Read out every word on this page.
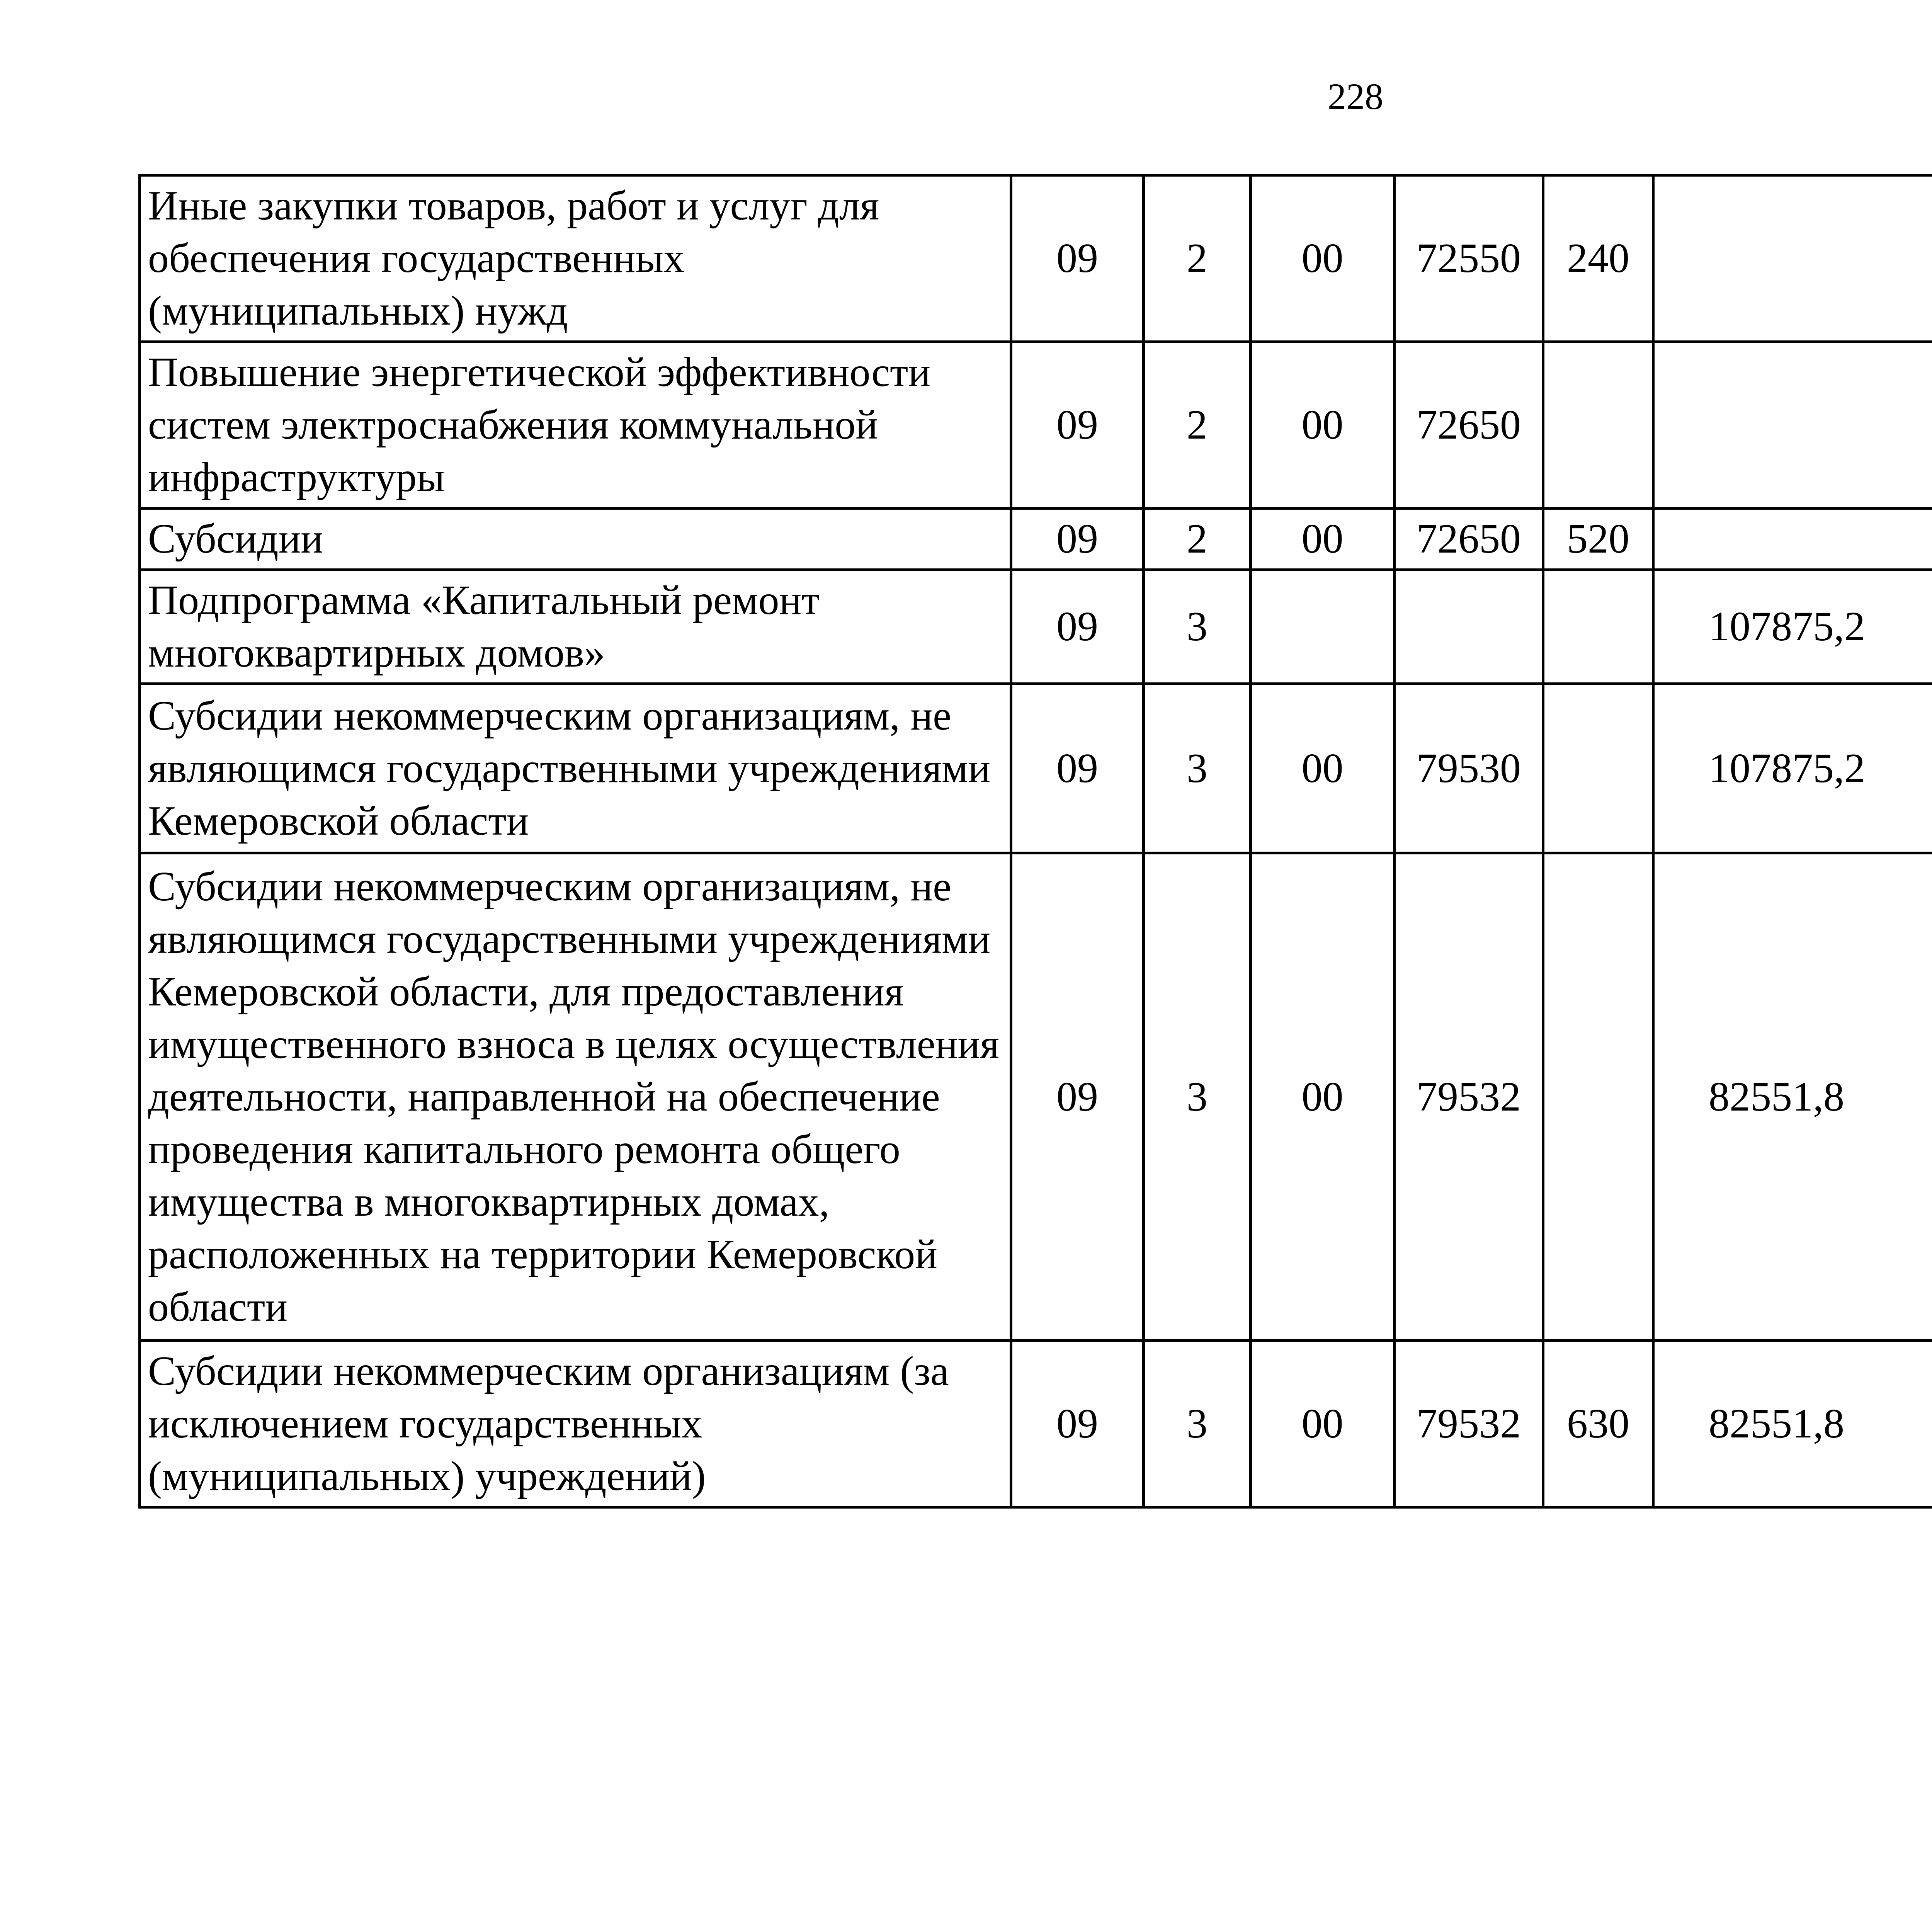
228
Иные закупки товаров, работ и услуг для обеспечения государственных (муниципальных) нужд	09	2	00	72550	240			
Повышение энергетической эффективности систем электроснабжения коммунальной инфраструктуры	09	2	00	72650				
Субсидии	09	2	00	72650	520			
Подпрограмма «Капитальный ремонт многоквартирных домов»	09	3				107875,2		
Субсидии некоммерческим организациям, не являющимся государственными учреждениями Кемеровской области	09	3	00	79530		107875,2		
Субсидии некоммерческим организациям, не являющимся государственными учреждениями Кемеровской области, для предоставления имущественного взноса в целях осуществления деятельности, направленной на обеспечение проведения капитального ремонта общего имущества в многоквартирных домах, расположенных на территории Кемеровской области	09	3	00	79532		82551,8		
Субсидии некоммерческим организациям (за исключением государственных (муниципальных) учреждений)	09	3	00	79532	630	82551,8		
